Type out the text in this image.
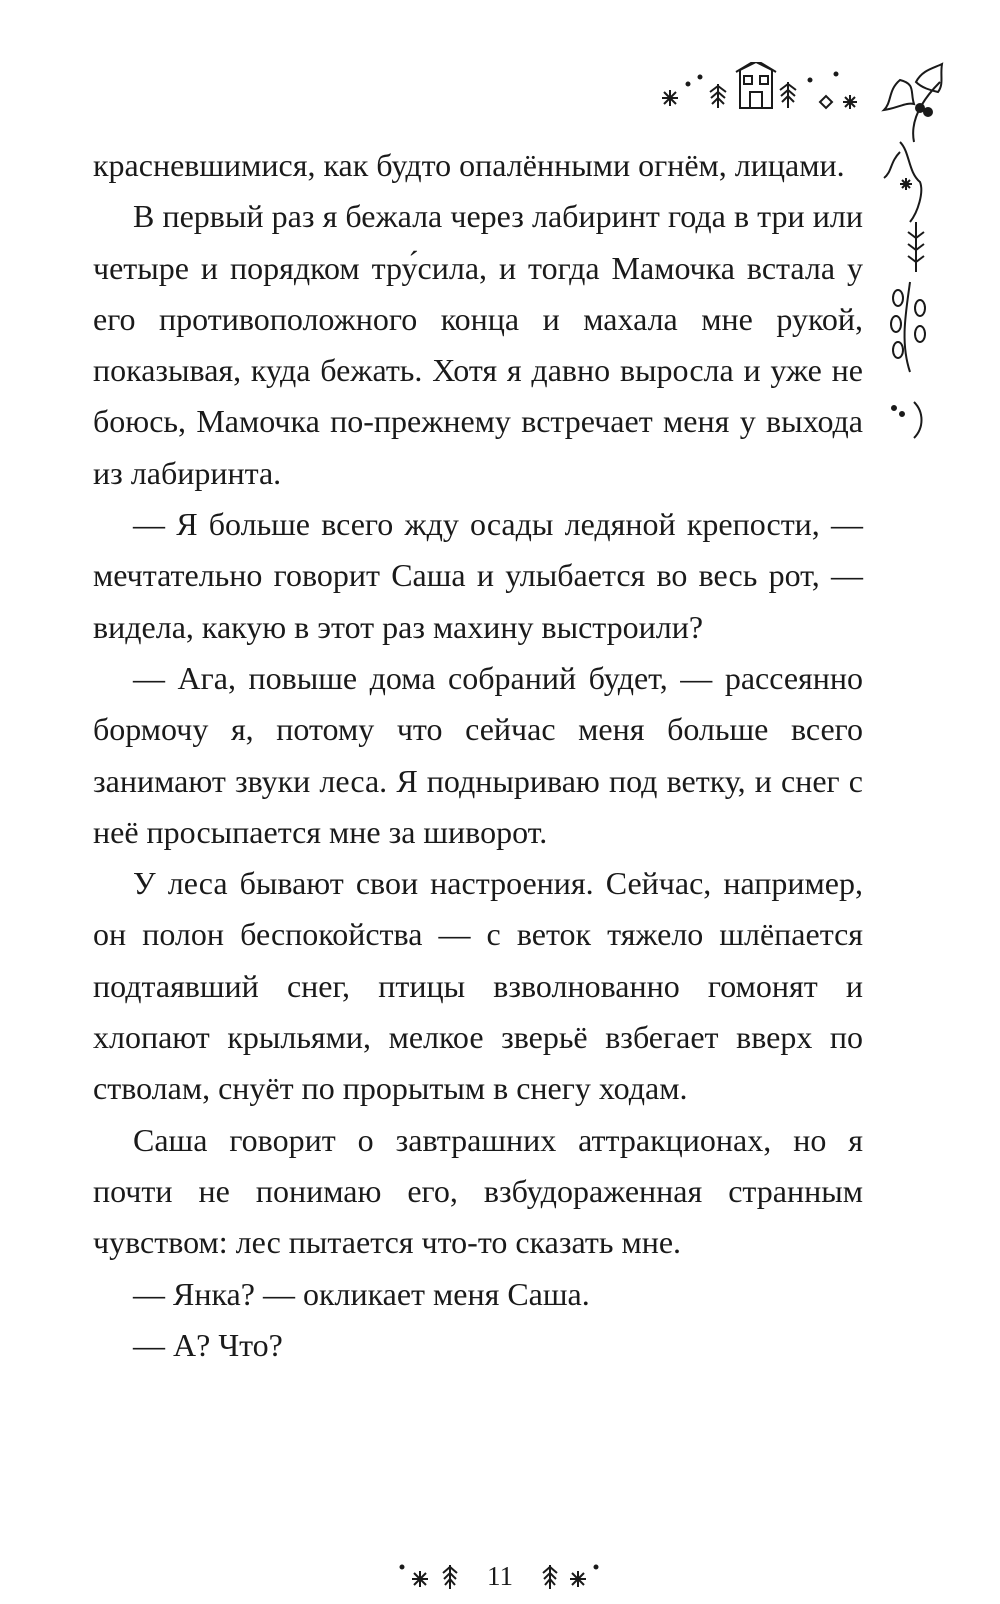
красневшимися, как будто опалёнными огнём, лицами.

В первый раз я бежала через лабиринт года в три или четыре и порядком тру́сила, и тогда Мамочка встала у его противоположного конца и махала мне рукой, показывая, куда бежать. Хотя я давно выросла и уже не боюсь, Мамочка по-прежнему встречает меня у выхода из лабиринта.

— Я больше всего жду осады ледяной крепости, — мечтательно говорит Саша и улыбается во весь рот, — видела, какую в этот раз махину выстроили?

— Ага, повыше дома собраний будет, — рассеянно бормочу я, потому что сейчас меня больше всего занимают звуки леса. Я подныриваю под ветку, и снег с неё просыпается мне за шиворот.

У леса бывают свои настроения. Сейчас, например, он полон беспокойства — с веток тяжело шлёпается подтаявший снег, птицы взволнованно гомонят и хлопают крыльями, мелкое зверьё взбегает вверх по стволам, снуёт по прорытым в снегу ходам.

Саша говорит о завтрашних аттракционах, но я почти не понимаю его, взбудораженная странным чувством: лес пытается что-то сказать мне.

— Янка? — окликает меня Саша.

— А? Что?

11
